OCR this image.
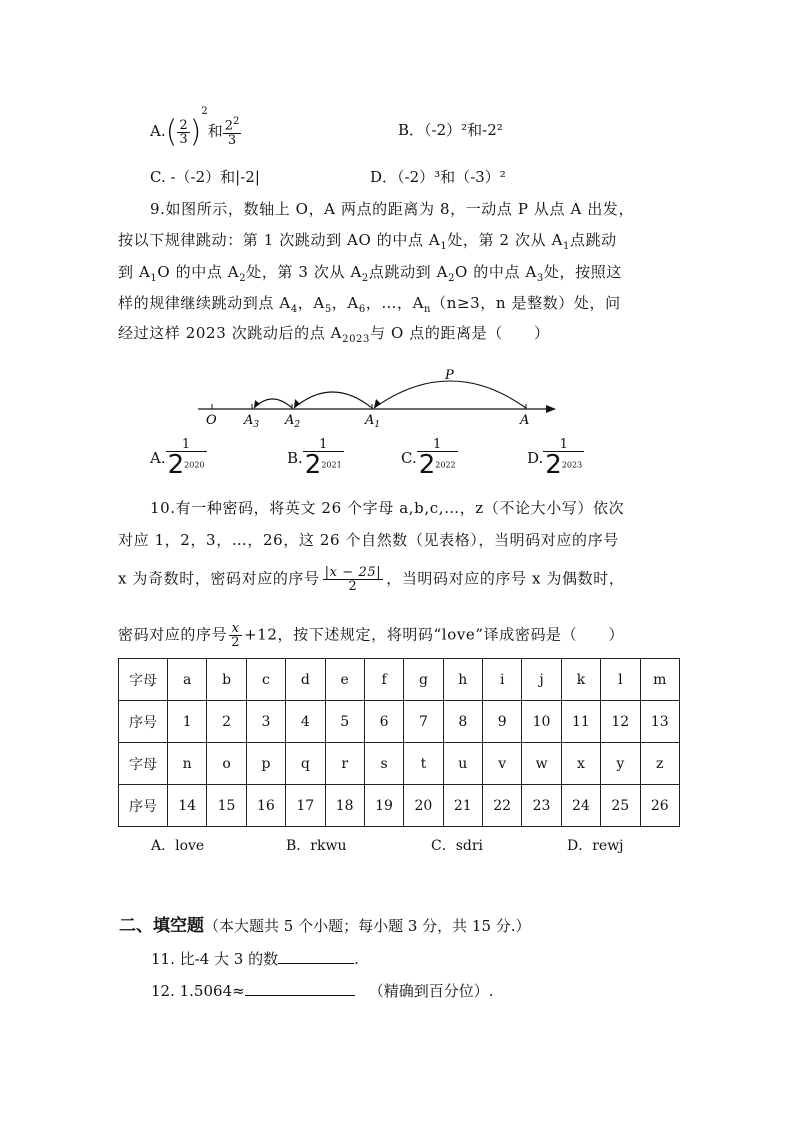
$A.( \frac{2}{3} )^2$和 $\frac{2^2}{3}$	B．（-2）²和-2²
C. -（-2）和|-2|	D．（-2）³和（-3）²
9.如图所示，数轴上 O，A 两点的距离为 8，一动点 P 从点 A 出发，
按以下规律跳动：第 1 次跳动到 AO 的中点 $A_1$处，第 2 次从 $A_1$点跳动
到 $A_1O$ 的中点 $A_2$处，第 3 次从 $A_2$点跳动到 $A_2O$ 的中点 $A_3$处，按照这
样的规律继续跳动到点 $A_4$，$A_5$，$A_6$，…，$A_n(n\ge 3$，n 是整数）处，问
经过这样 2023 次跳动后的点 $A_{2023}$与 O 点的距离是（　　）
P
O $A_3$ $A_2$	$A_1$	A
A. $\frac{1}{2^{2020}}$	B. $\frac{1}{2^{2021}}$	C. $\frac{1}{2^{2022}}$	D. $\frac{1}{2^{2023}}$
10.有一种密码，将英文 26 个字母 a,b,c,…，z（不论大小写）依次
对应 1，2，3，…，26，这 26 个自然数（见表格），当明码对应的序号
x 为奇数时，密码对应的序号 $\frac{|x - 25|}{2}$ ，当明码对应的序号 x 为偶数时，
密码对应的序号 $\frac{x}{2} +12$，按下述规定，将明码“love”译成密码是（　　）
字母	a	b	c	d	e	f	g	h	i	j	k	l	m
序号	1	2	3	4	5	6	7	8	9	10	11	12	13
字母	n	o	p	q	r	s	t	u	v	w	x	y	z
序号	14	15	16	17	18	19	20	21	22	23	24	25	26
A．love	B．rkwu	C．sdri	D．rewj
二、填空题（本大题共 5 个小题；每小题 3 分，共 15 分.）
11. 比-4 大 3 的数	.
12. 1.5064≈	（精确到百分位）.
